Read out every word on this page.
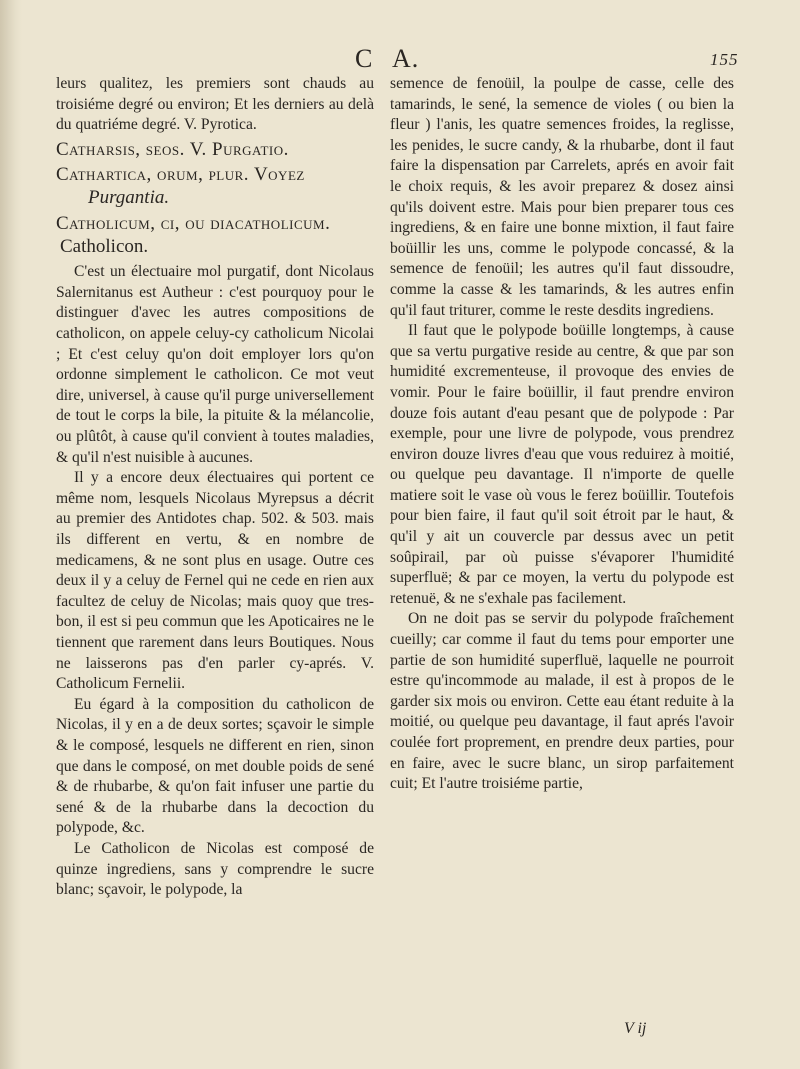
C A.	155

leurs qualitez, les premiers sont chauds au troisiéme degré ou environ; Et les derniers au delà du quatriéme degré. V. Pyrotica.

Catharsis, seos. V. Purgatio.

Cathartica, orum, plur. Voyez

Purgantia.

Catholicum, ci, ou diacatholicum.

Catholicon.

C'est un électuaire mol purgatif, dont Nicolaus Salernitanus est Autheur : c'est pourquoy pour le distinguer d'avec les autres compositions de catholicon, on appele celuy-cy catholicum Nicolai ; Et c'est celuy qu'on doit employer lors qu'on ordonne simplement le catholicon. Ce mot veut dire, universel, à cause qu'il purge universellement de tout le corps la bile, la pituite & la mélancolie, ou plûtôt, à cause qu'il convient à toutes maladies, & qu'il n'est nuisible à aucunes.

Il y a encore deux électuaires qui portent ce même nom, lesquels Nicolaus Myrepsus a décrit au premier des Antidotes chap. 502. & 503. mais ils different en vertu, & en nombre de medicamens, & ne sont plus en usage. Outre ces deux il y a celuy de Fernel qui ne cede en rien aux facultez de celuy de Nicolas; mais quoy que tres-bon, il est si peu commun que les Apoticaires ne le tiennent que rarement dans leurs Boutiques. Nous ne laisserons pas d'en parler cy-aprés. V. Catholicum Fernelii.

Eu égard à la composition du catholicon de Nicolas, il y en a de deux sortes; sçavoir le simple & le composé, lesquels ne different en rien, sinon que dans le composé, on met double poids de sené & de rhubarbe, & qu'on fait infuser une partie du sené & de la rhubarbe dans la decoction du polypode, &c.

Le Catholicon de Nicolas est composé de quinze ingrediens, sans y comprendre le sucre blanc; sçavoir, le polypode, la

semence de fenoüil, la poulpe de casse, celle des tamarinds, le sené, la semence de violes ( ou bien la fleur ) l'anis, les quatre semences froides, la reglisse, les penides, le sucre candy, & la rhubarbe, dont il faut faire la dispensation par Carrelets, aprés en avoir fait le choix requis, & les avoir preparez & dosez ainsi qu'ils doivent estre. Mais pour bien preparer tous ces ingrediens, & en faire une bonne mixtion, il faut faire boüillir les uns, comme le polypode concassé, & la semence de fenoüil; les autres qu'il faut dissoudre, comme la casse & les tamarinds, & les autres enfin qu'il faut triturer, comme le reste desdits ingrediens.

Il faut que le polypode boüille longtemps, à cause que sa vertu purgative reside au centre, & que par son humidité excrementeuse, il provoque des envies de vomir. Pour le faire boüillir, il faut prendre environ douze fois autant d'eau pesant que de polypode : Par exemple, pour une livre de polypode, vous prendrez environ douze livres d'eau que vous reduirez à moitié, ou quelque peu davantage. Il n'importe de quelle matiere soit le vase où vous le ferez boüillir. Toutefois pour bien faire, il faut qu'il soit étroit par le haut, & qu'il y ait un couvercle par dessus avec un petit soûpirail, par où puisse s'évaporer l'humidité superfluë; & par ce moyen, la vertu du polypode est retenuë, & ne s'exhale pas facilement.

On ne doit pas se servir du polypode fraîchement cueilly; car comme il faut du tems pour emporter une partie de son humidité superfluë, laquelle ne pourroit estre qu'incommode au malade, il est à propos de le garder six mois ou environ. Cette eau étant reduite à la moitié, ou quelque peu davantage, il faut aprés l'avoir coulée fort proprement, en prendre deux parties, pour en faire, avec le sucre blanc, un sirop parfaitement cuit; Et l'autre troisiéme partie,

V ij
